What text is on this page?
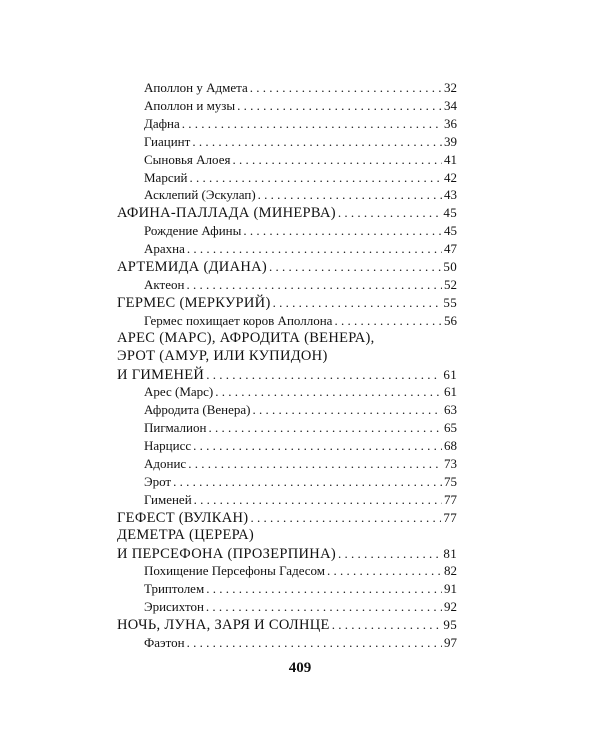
Аполлон у Адмета . . .	32
Аполлон и музы . . .	34
Дафна . . .	36
Гиацинт . . .	39
Сыновья Алоея . . .	41
Марсий . . .	42
Асклепий (Эскулап) . . .	43
АФИНА-ПАЛЛАДА (МИНЕРВА) . . .	45
Рождение Афины . . .	45
Арахна . . .	47
АРТЕМИДА (ДИАНА) . . .	50
Актеон . . .	52
ГЕРМЕС (МЕРКУРИЙ) . . .	55
Гермес похищает коров Аполлона . . .	56
АРЕС (МАРС), АФРОДИТА (ВЕНЕРА),
ЭРОТ (АМУР, ИЛИ КУПИДОН)
И ГИМЕНЕЙ . . .	61
Арес (Марс) . . .	61
Афродита (Венера) . . .	63
Пигмалион . . .	65
Нарцисс . . .	68
Адонис . . .	73
Эрот . . .	75
Гименей . . .	77
ГЕФЕСТ (ВУЛКАН) . . .	77
ДЕМЕТРА (ЦЕРЕРА)
И ПЕРСЕФОНА (ПРОЗЕРПИНА) . . .	81
Похищение Персефоны Гадесом . . .	82
Триптолем . . .	91
Эрисихтон . . .	92
НОЧЬ, ЛУНА, ЗАРЯ И СОЛНЦЕ . . .	95
Фаэтон . . .	97
409
